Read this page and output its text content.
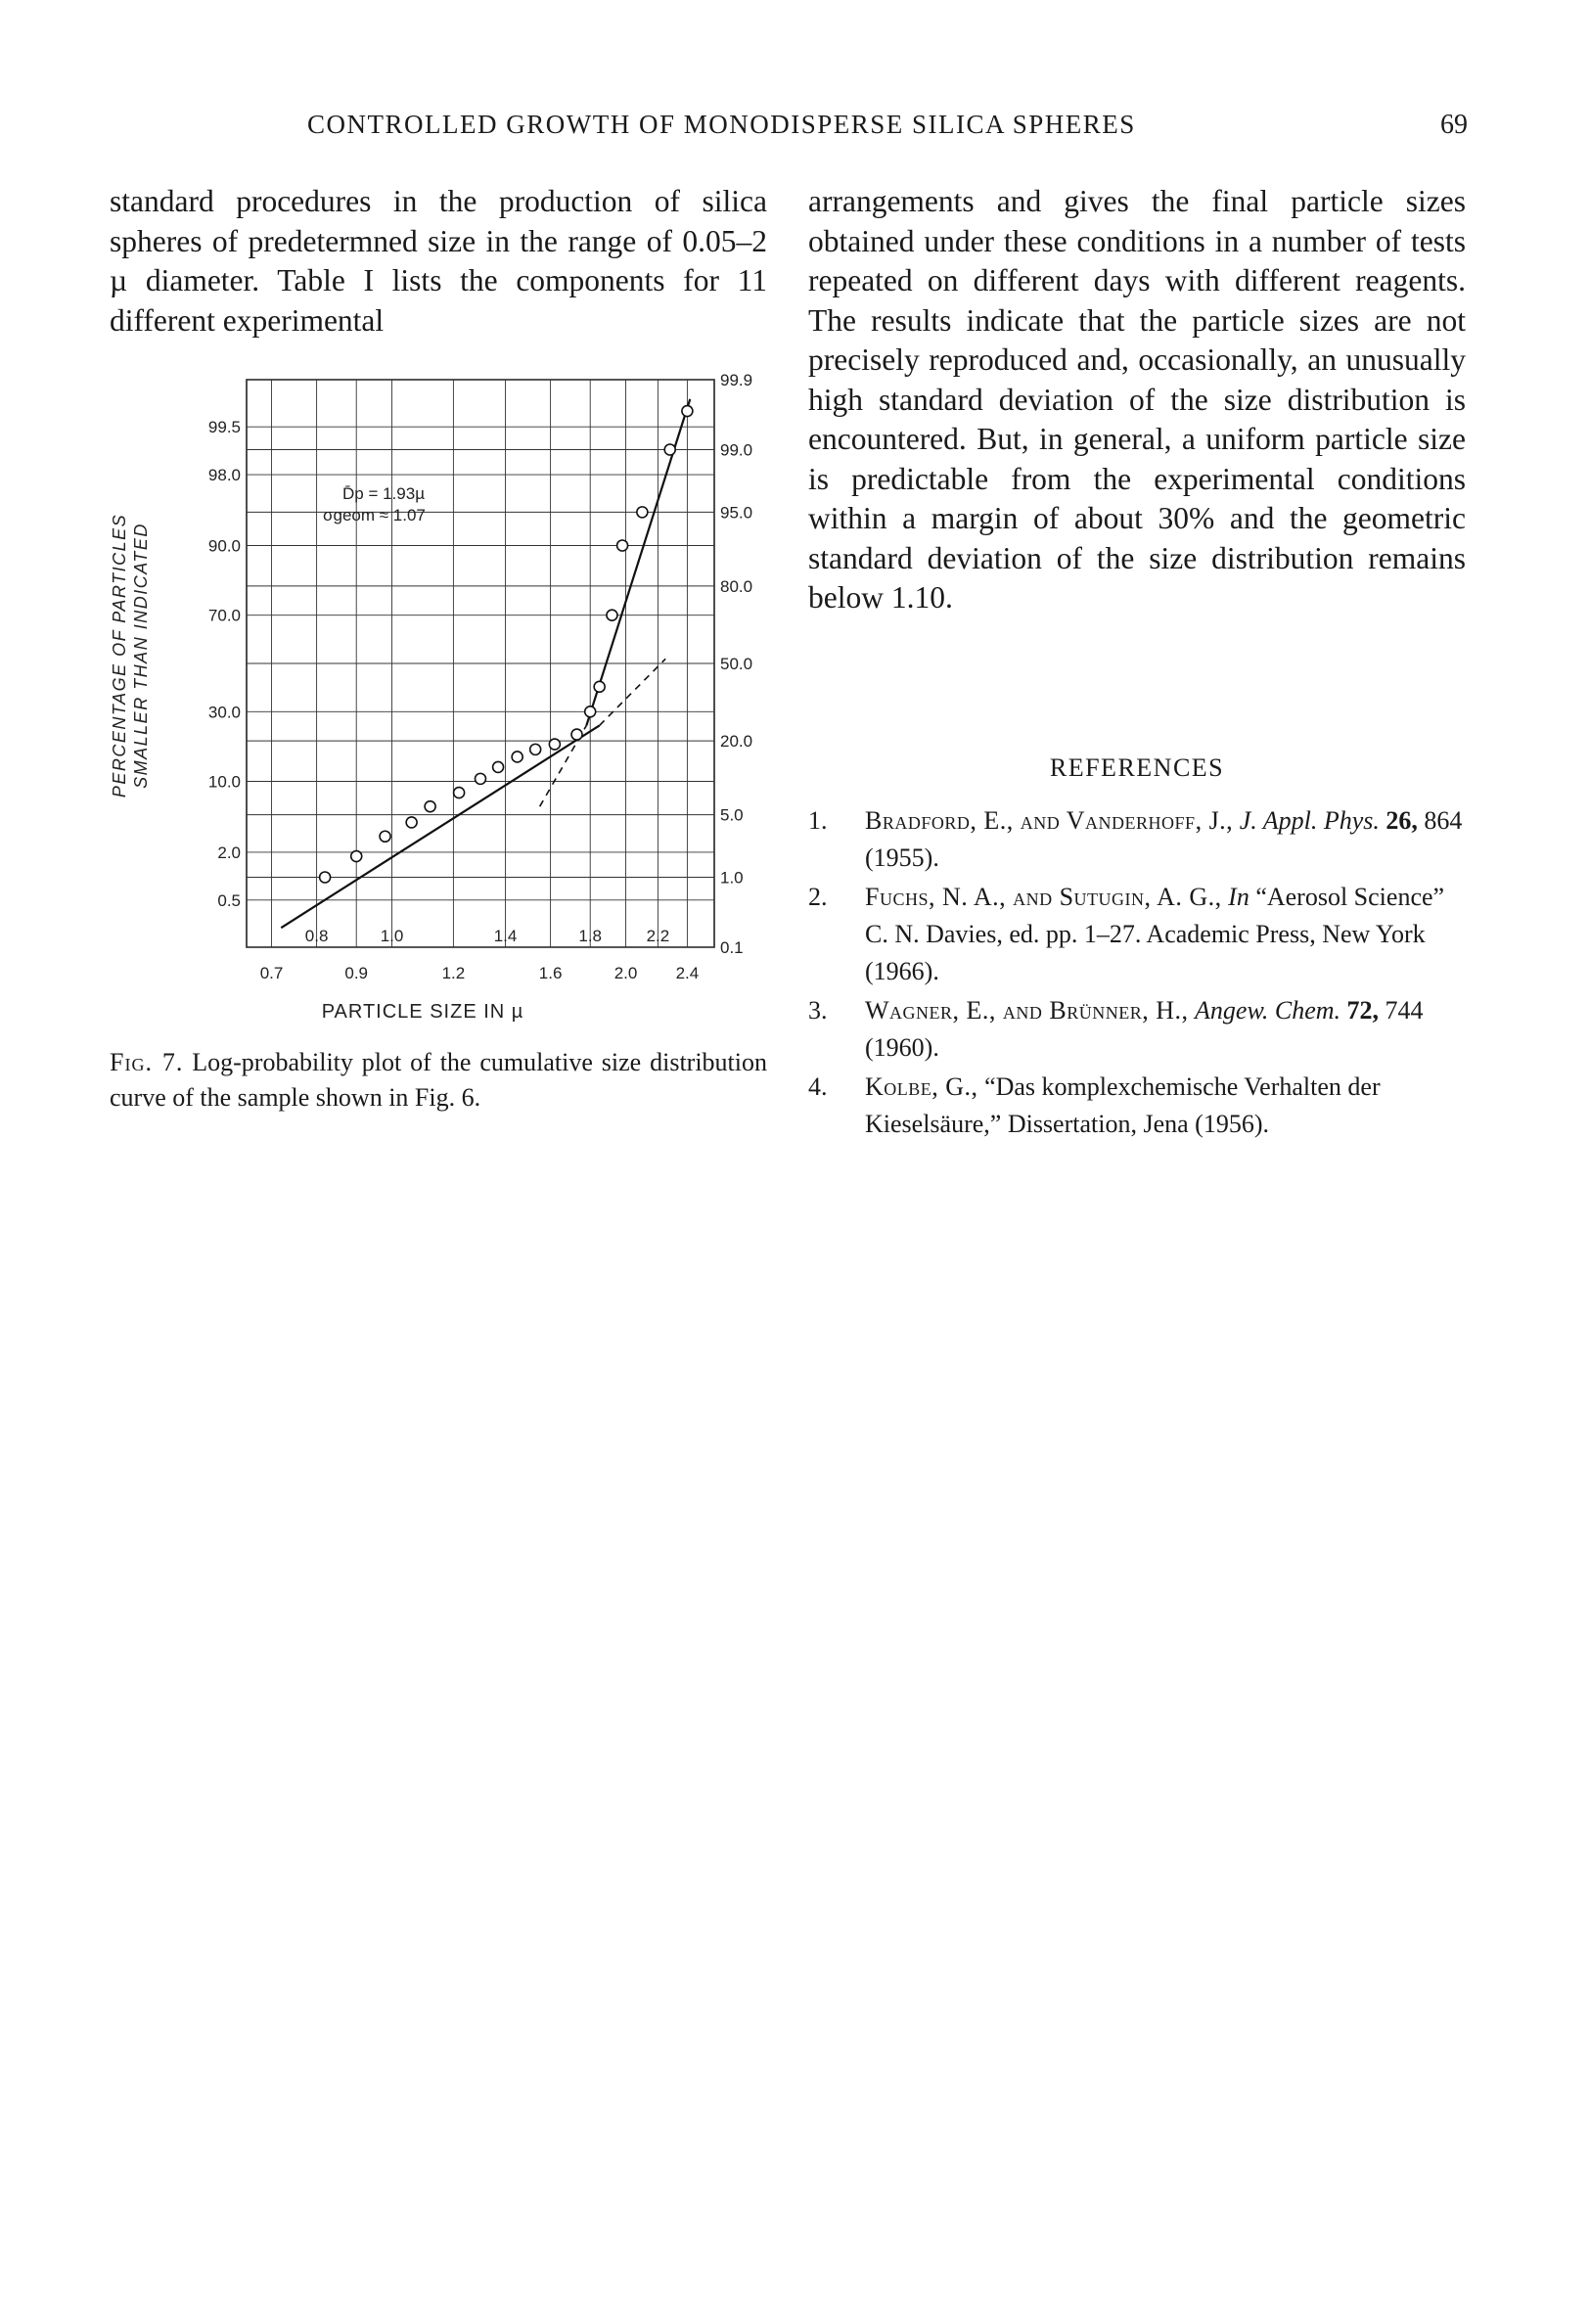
CONTROLLED GROWTH OF MONODISPERSE SILICA SPHERES	69

standard procedures in the production of silica spheres of predetermned size in the range of 0.05–2 µ diameter. Table I lists the components for 11 different experimental

arrangements and gives the final particle sizes obtained under these conditions in a number of tests repeated on different days with different reagents. The results indicate that the particle sizes are not precisely reproduced and, occasionally, an unusually high standard deviation of the size distribution is encountered. But, in general, a uniform particle size is predictable from the experimental conditions within a margin of about 30% and the geometric standard deviation of the size distribution remains below 1.10.

0.7	0.9	1.2	1.6	2.0 2.4
0.8	1.0	1.4	1.8	2.2
99.5
98.0
90.0
70.0
30.0
10.0
2.0
0.5
99.9
99.0
95.0
80.0
50.0
20.0
5.0
1.0
0.1
D̄p = 1.93µ
σgeom ≈ 1.07
PARTICLE SIZE IN µ
PERCENTAGE OF PARTICLES SMALLER THAN INDICATED
Fig. 7. Log-probability plot of the cumulative size distribution curve of the sample shown in Fig. 6.
REFERENCES
1. Bradford, E., and Vanderhoff, J., J. Appl. Phys. 26, 864 (1955).
2. Fuchs, N. A., and Sutugin, A. G., In “Aerosol Science” C. N. Davies, ed. pp. 1–27. Academic Press, New York (1966).
3. Wagner, E., and Brünner, H., Angew. Chem. 72, 744 (1960).
4. Kolbe, G., “Das komplexchemische Verhalten der Kieselsäure,” Dissertation, Jena (1956).
